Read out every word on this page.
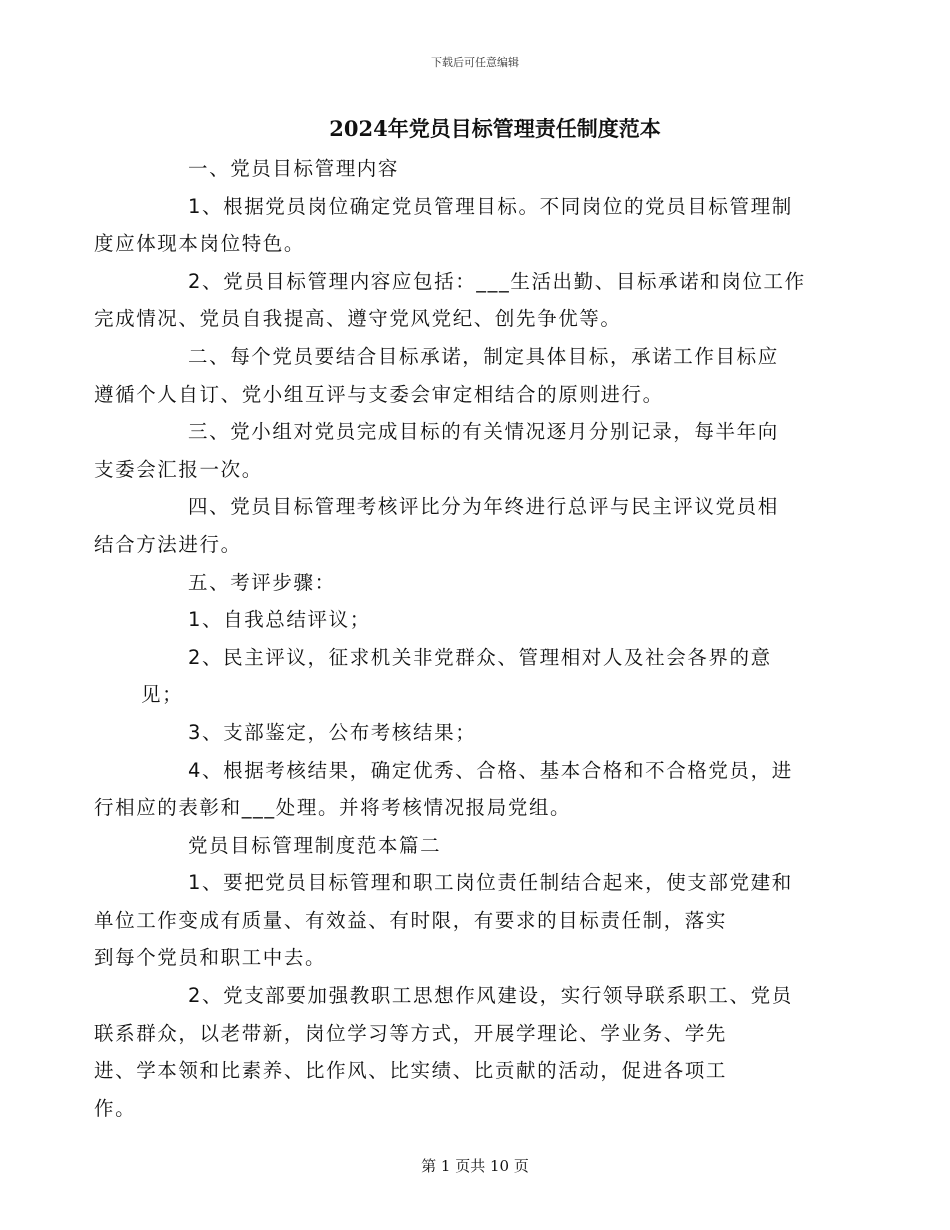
下载后可任意编辑
2024年党员目标管理责任制度范本

一、党员目标管理内容

1、根据党员岗位确定党员管理目标。不同岗位的党员目标管理制
度应体现本岗位特色。

2、党员目标管理内容应包括：___生活出勤、目标承诺和岗位工作
完成情况、党员自我提高、遵守党风党纪、创先争优等。

二、每个党员要结合目标承诺，制定具体目标，承诺工作目标应
遵循个人自订、党小组互评与支委会审定相结合的原则进行。

三、党小组对党员完成目标的有关情况逐月分别记录，每半年向
支委会汇报一次。

四、党员目标管理考核评比分为年终进行总评与民主评议党员相
结合方法进行。

五、考评步骤：

1、自我总结评议；

2、民主评议，征求机关非党群众、管理相对人及社会各界的意见；

3、支部鉴定，公布考核结果；

4、根据考核结果，确定优秀、合格、基本合格和不合格党员，进
行相应的表彰和___处理。并将考核情况报局党组。

党员目标管理制度范本篇二

1、要把党员目标管理和职工岗位责任制结合起来，使支部党建和
单位工作变成有质量、有效益、有时限，有要求的目标责任制，落实
到每个党员和职工中去。

2、党支部要加强教职工思想作风建设，实行领导联系职工、党员
联系群众，以老带新，岗位学习等方式，开展学理论、学业务、学先
进、学本领和比素养、比作风、比实绩、比贡献的活动，促进各项工
作。

第 1 页共 10 页
